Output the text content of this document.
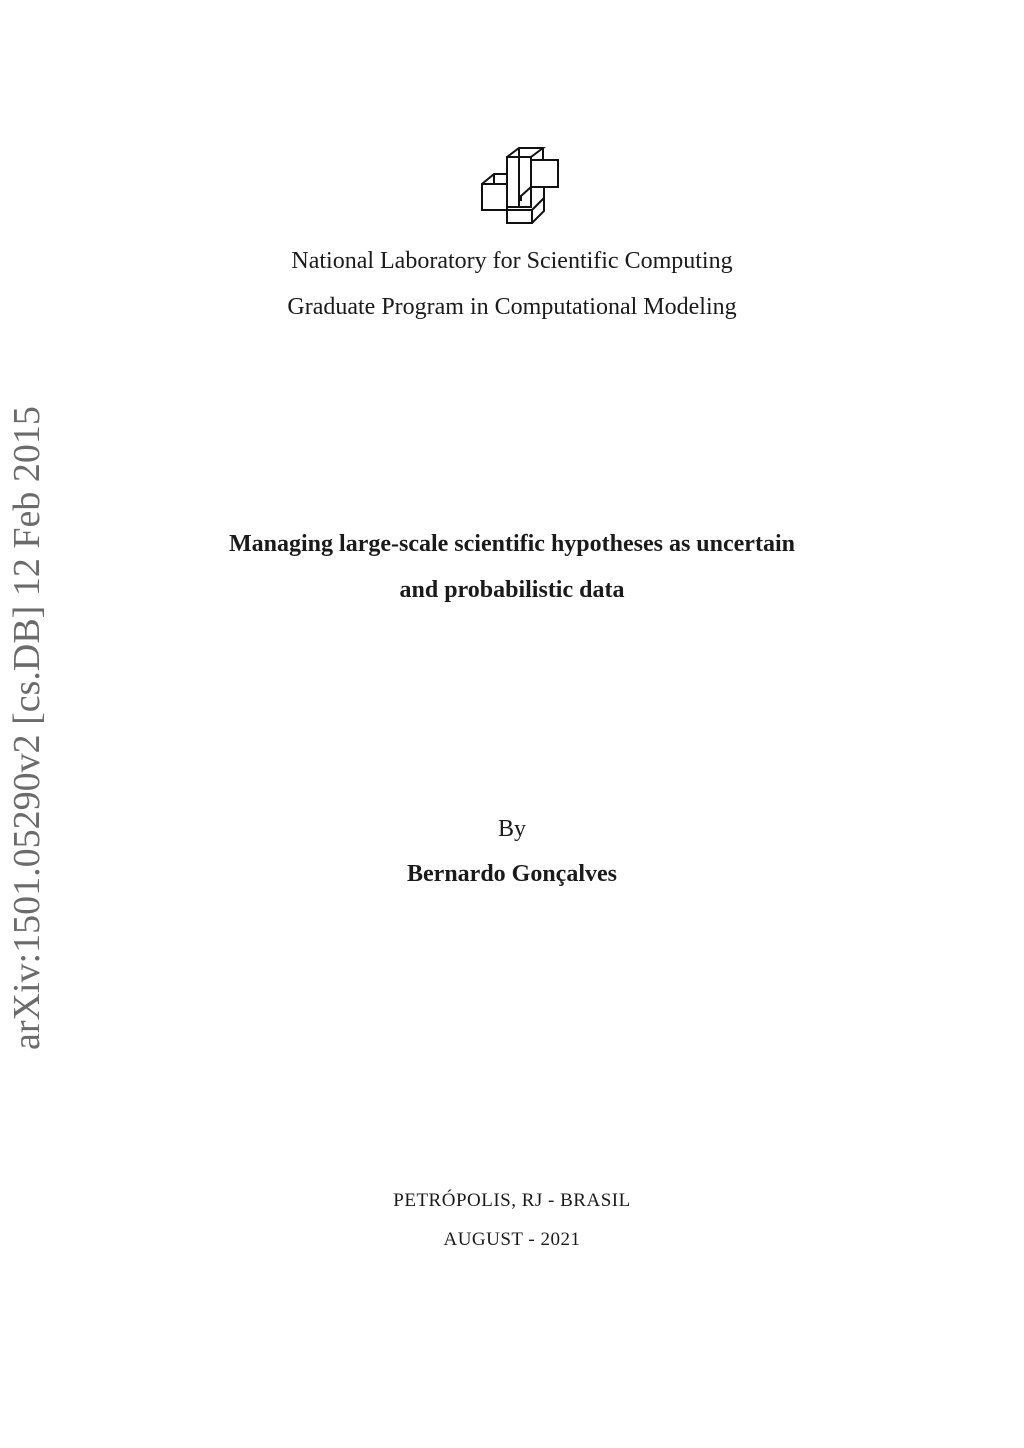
arXiv:1501.05290v2 [cs.DB] 12 Feb 2015
National Laboratory for Scientific Computing
Graduate Program in Computational Modeling
Managing large-scale scientific hypotheses as uncertain
and probabilistic data
By
Bernardo Gonçalves
PETRÓPOLIS, RJ - BRASIL
AUGUST - 2021
